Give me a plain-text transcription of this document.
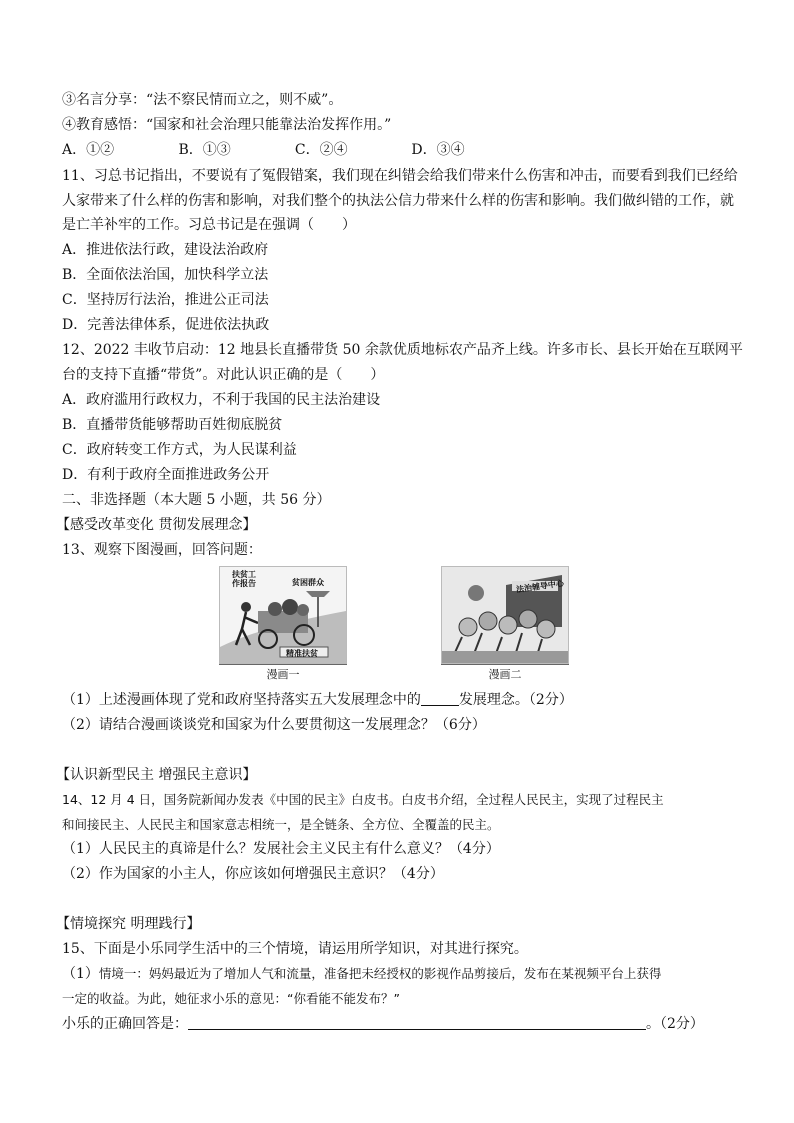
③名言分享：“法不察民情而立之，则不威”。
④教育感悟：“国家和社会治理只能靠法治发挥作用。”
A．①②	B．①③	C．②④	D．③④
11、习总书记指出，不要说有了冤假错案，我们现在纠错会给我们带来什么伤害和冲击，而要看到我们已经给
人家带来了什么样的伤害和影响，对我们整个的执法公信力带来什么样的伤害和影响。我们做纠错的工作，就
是亡羊补牢的工作。习总书记是在强调（　　）
A．推进依法行政，建设法治政府
B．全面依法治国，加快科学立法
C．坚持厉行法治，推进公正司法
D．完善法律体系，促进依法执政
12、2022 丰收节启动：12 地县长直播带货 50 余款优质地标农产品齐上线。许多市长、县长开始在互联网平
台的支持下直播“带货”。对此认识正确的是（　　）
A．政府滥用行政权力，不利于我国的民主法治建设
B．直播带货能够帮助百姓彻底脱贫
C．政府转变工作方式，为人民谋利益
D．有利于政府全面推进政务公开
二、非选择题（本大题 5 小题，共 56 分）
【感受改革变化 贯彻发展理念】
13、观察下图漫画，回答问题：
扶贫工作报告	贫困群众
精准扶贫
漫画一
法治辅导中心
漫画二
（1）上述漫画体现了党和政府坚持落实五大发展理念中的	发展理念。（2分）
（2）请结合漫画谈谈党和国家为什么要贯彻这一发展理念？（6分）
【认识新型民主 增强民主意识】
14、12 月 4 日，国务院新闻办发表《中国的民主》白皮书。白皮书介绍，全过程人民民主，实现了过程民主
和间接民主、人民民主和国家意志相统一，是全链条、全方位、全覆盖的民主。
（1）人民民主的真谛是什么？发展社会主义民主有什么意义？（4分）
（2）作为国家的小主人，你应该如何增强民主意识？（4分）
【情境探究 明理践行】
15、下面是小乐同学生活中的三个情境，请运用所学知识，对其进行探究。
（1）情境一：妈妈最近为了增加人气和流量，准备把未经授权的影视作品剪接后，发布在某视频平台上获得
一定的收益。为此，她征求小乐的意见：“你看能不能发布？”
小乐的正确回答是：	。（2分）
